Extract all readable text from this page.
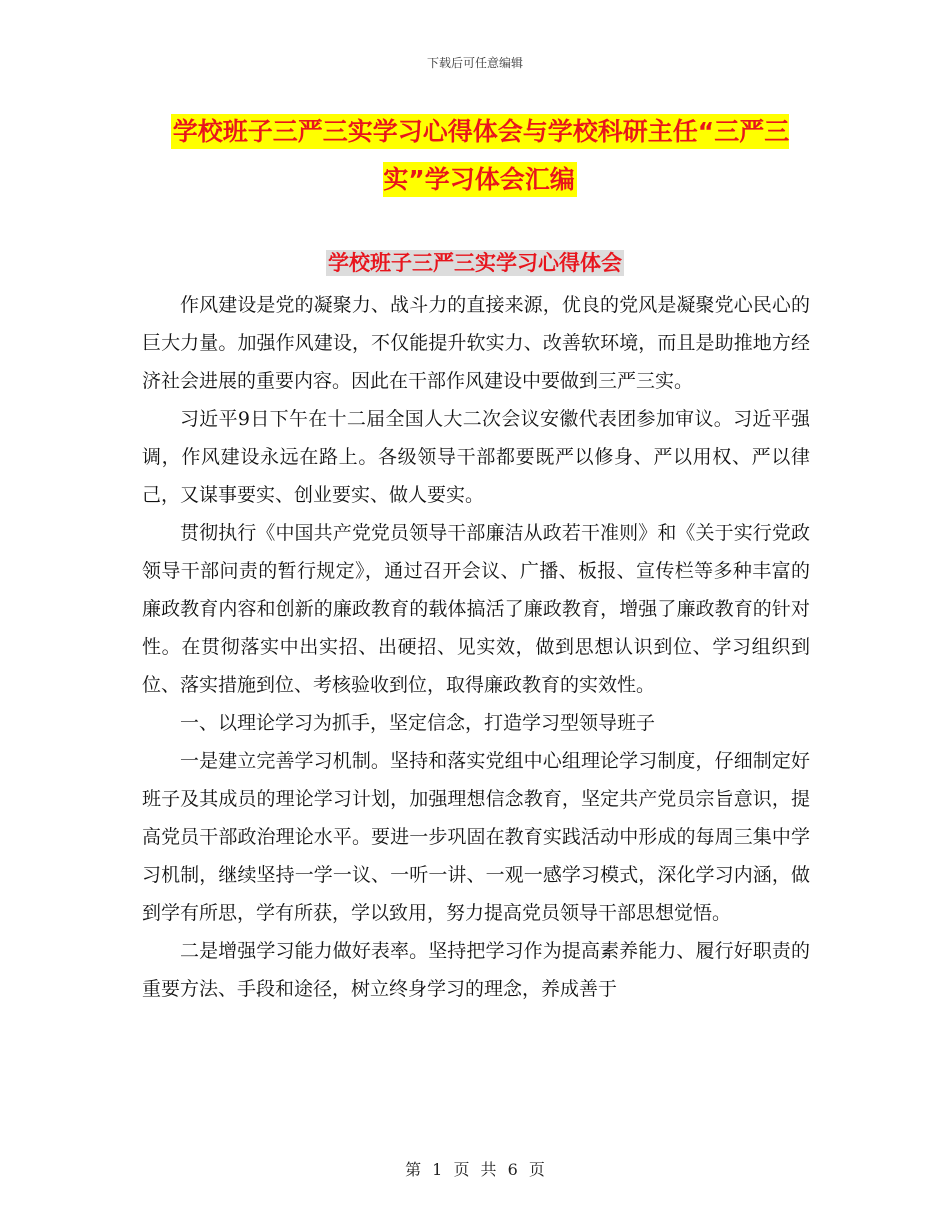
下载后可任意编辑
学校班子三严三实学习心得体会与学校科研主任“三严三实”学习体会汇编
学校班子三严三实学习心得体会

作风建设是党的凝聚力、战斗力的直接来源，优良的党风是凝聚党心民心的巨大力量。加强作风建设，不仅能提升软实力、改善软环境，而且是助推地方经济社会进展的重要内容。因此在干部作风建设中要做到三严三实。

习近平9日下午在十二届全国人大二次会议安徽代表团参加审议。习近平强调，作风建设永远在路上。各级领导干部都要既严以修身、严以用权、严以律己，又谋事要实、创业要实、做人要实。

贯彻执行《中国共产党党员领导干部廉洁从政若干准则》和《关于实行党政领导干部问责的暂行规定》，通过召开会议、广播、板报、宣传栏等多种丰富的廉政教育内容和创新的廉政教育的载体搞活了廉政教育，增强了廉政教育的针对性。在贯彻落实中出实招、出硬招、见实效，做到思想认识到位、学习组织到位、落实措施到位、考核验收到位，取得廉政教育的实效性。

一、以理论学习为抓手，坚定信念，打造学习型领导班子

一是建立完善学习机制。坚持和落实党组中心组理论学习制度，仔细制定好班子及其成员的理论学习计划，加强理想信念教育，坚定共产党员宗旨意识，提高党员干部政治理论水平。要进一步巩固在教育实践活动中形成的每周三集中学习机制，继续坚持一学一议、一听一讲、一观一感学习模式，深化学习内涵，做到学有所思，学有所获，学以致用，努力提高党员领导干部思想觉悟。

二是增强学习能力做好表率。坚持把学习作为提高素养能力、履行好职责的重要方法、手段和途径，树立终身学习的理念，养成善于

第 1 页 共 6 页
